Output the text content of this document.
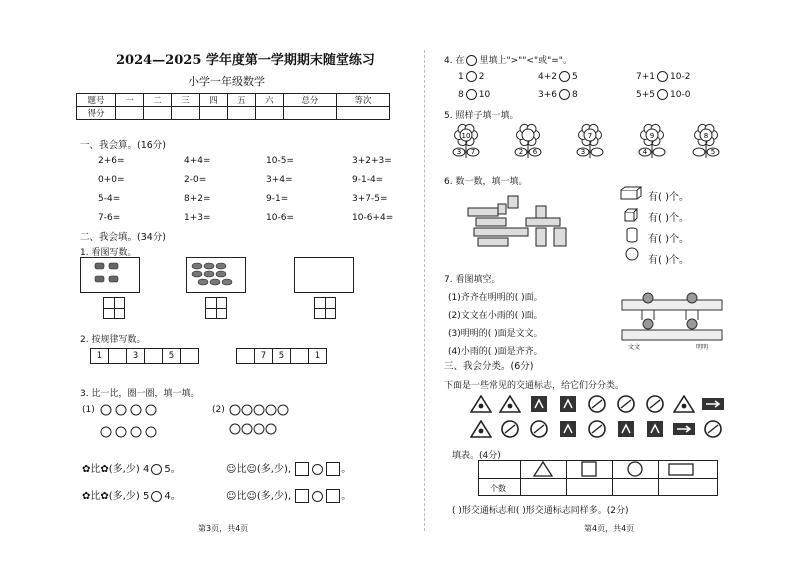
2024—2025 学年度第一学期期末随堂练习
小学一年级数学
题号	一	二	三	四	五	六	总分	等次
得分								
一、我会算。(16分)
2+6=	4+4=	10-5=	3+2+3=
0+0=	2-0=	3+4=	9-1-4=
5-4=	8+2=	9-1=	3+7-5=
7-6=	1+3=	10-6=	10-6+4=
二、我会填。(34分)
1. 看图写数。
2. 按规律写数。
1	3	5	7	5	1
3. 比一比，圈一圈，填一填。
(1)	(2)
✿比✿(多,少) 4 5。
✿比✿(多,少) 5 4。
☺比☺(多,少),	。
☺比☺(多,少),	。
第3页，共4页
4. 在 里填上">""<"或"="。
1 2	4+2 5	7+1 10-2
8 10	3+6 8	5+5 10-0
5. 照样子填一填。
10
3 7	2 6
7
3
9
4
8
5
6. 数一数，填一填。
有( )个。
有( )个。
有( )个。
有( )个。
7. 看图填空。
(1)齐齐在明明的( )面。
(2)文文在小雨的( )面。
(3)明明的( )面是文文。
(4)小雨的( )面是齐齐。	文文	明明
三、我会分类。(6分)
下面是一些常见的交通标志，给它们分分类。
填表。(4分)
个数
( )形交通标志和( )形交通标志同样多。(2分)
第4页，共4页
